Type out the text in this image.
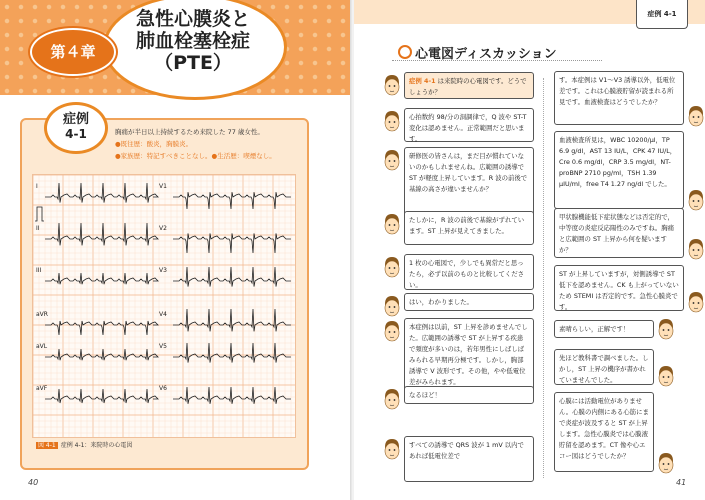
急性心膜炎と
肺血栓塞栓症
（PTE）
第４章
症例
4-1	胸痛が半日以上持続するため来院した 77 歳女性。
●既往歴：酸炎，胸膜炎。
●家族歴：特記すべきことなし。●生活歴：喫煙なし。
I
II
III
aVR
aVL
aVF
V1
V2
V3
V4
V5
V6
図 4-1 症例 4-1：来院時の心電図
40
症例 4-1
心電図ディスカッション
症例 4-1 は来院時の心電図です。どうでしょうか？
心拍数約 98/分の洞調律で，Q 波や ST-T 変化は認めません。正常範囲だと思います。
研修医の皆さんは，まだ目が慣れていないのかもしれませんね。広範囲の誘導で ST が軽度上昇しています。R 波の前後で基線の高さが違いませんか？
たしかに，R 波の前後で基線がずれています。ST 上昇が見えてきました。
1 枚の心電図で，少しでも異常だと思ったら，必ず以前のものと比較してください。
はい，わかりました。
本症例は以前，ST 上昇を診めませんでした。広範囲の誘導で ST が上昇する疾患で頻度が多いのは，若年男性にしばしばみられる早期再分極です。しかし，胸部誘導で V 波形です。その他，やや低電位差がみられます。
なるほど！
すべての誘導で QRS 波が 1 mV 以内であれば低電位差で
す。本症例は V1～V3 誘導以外，低電位差です。これは心膜液貯留が読まれる所見です。血液検査はどうでしたか？
血液検査所見は，WBC 10200/μl，TP 6.9 g/dl，AST 13 IU/L，CPK 47 IU/L，Cre 0.6 mg/dl，CRP 3.5 mg/dl，NT-proBNP 2710 pg/ml，TSH 1.39 μIU/ml，free T4 1.27 ng/dl でした。
甲状腺機能低下症状態などは否定的で，中等度の炎症反応陽性のみですね。胸痛と広範囲の ST 上昇から何を疑いますか？
ST が上昇していますが，対側誘導で ST 低下を認めません。CK も上がっていないため STEMI は否定的です。急性心膜炎です。
素晴らしい，正解です！
先ほど教科書で調べました。しかし，ST 上昇の機序が書かれていませんでした。
心膜には活動電位がありません。心膜の内側にある心筋にまで炎症が波及すると ST が上昇します。急性心膜炎では心膜液貯留を認めます。CT 像や心エコー図はどうでしたか？
41
